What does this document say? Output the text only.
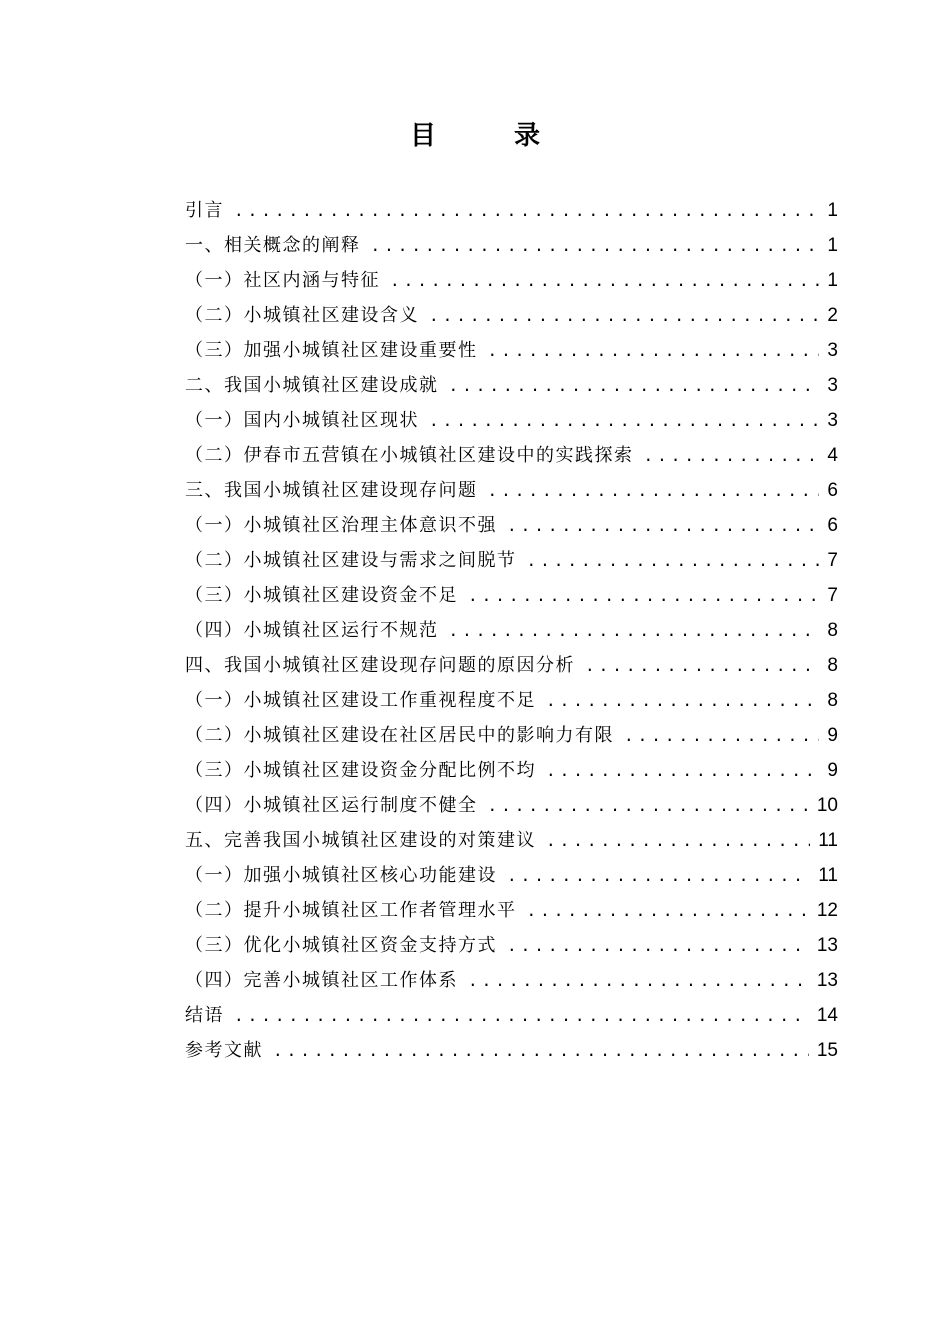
目　录
引言 .....	1
一、相关概念的阐释 .....	1
（一）社区内涵与特征 .....	1
（二）小城镇社区建设含义 .....	2
（三）加强小城镇社区建设重要性 .....	3
二、我国小城镇社区建设成就 .....	3
（一）国内小城镇社区现状 .....	3
（二）伊春市五营镇在小城镇社区建设中的实践探索 .....	4
三、我国小城镇社区建设现存问题 .....	6
（一）小城镇社区治理主体意识不强 .....	6
（二）小城镇社区建设与需求之间脱节 .....	7
（三）小城镇社区建设资金不足 .....	7
（四）小城镇社区运行不规范 .....	8
四、我国小城镇社区建设现存问题的原因分析 .....	8
（一）小城镇社区建设工作重视程度不足 .....	8
（二）小城镇社区建设在社区居民中的影响力有限 .....	9
（三）小城镇社区建设资金分配比例不均 .....	9
（四）小城镇社区运行制度不健全 .....	10
五、完善我国小城镇社区建设的对策建议 .....	11
（一）加强小城镇社区核心功能建设 .....	11
（二）提升小城镇社区工作者管理水平 .....	12
（三）优化小城镇社区资金支持方式 .....	13
（四）完善小城镇社区工作体系 .....	13
结语 .....	14
参考文献 .....	15
